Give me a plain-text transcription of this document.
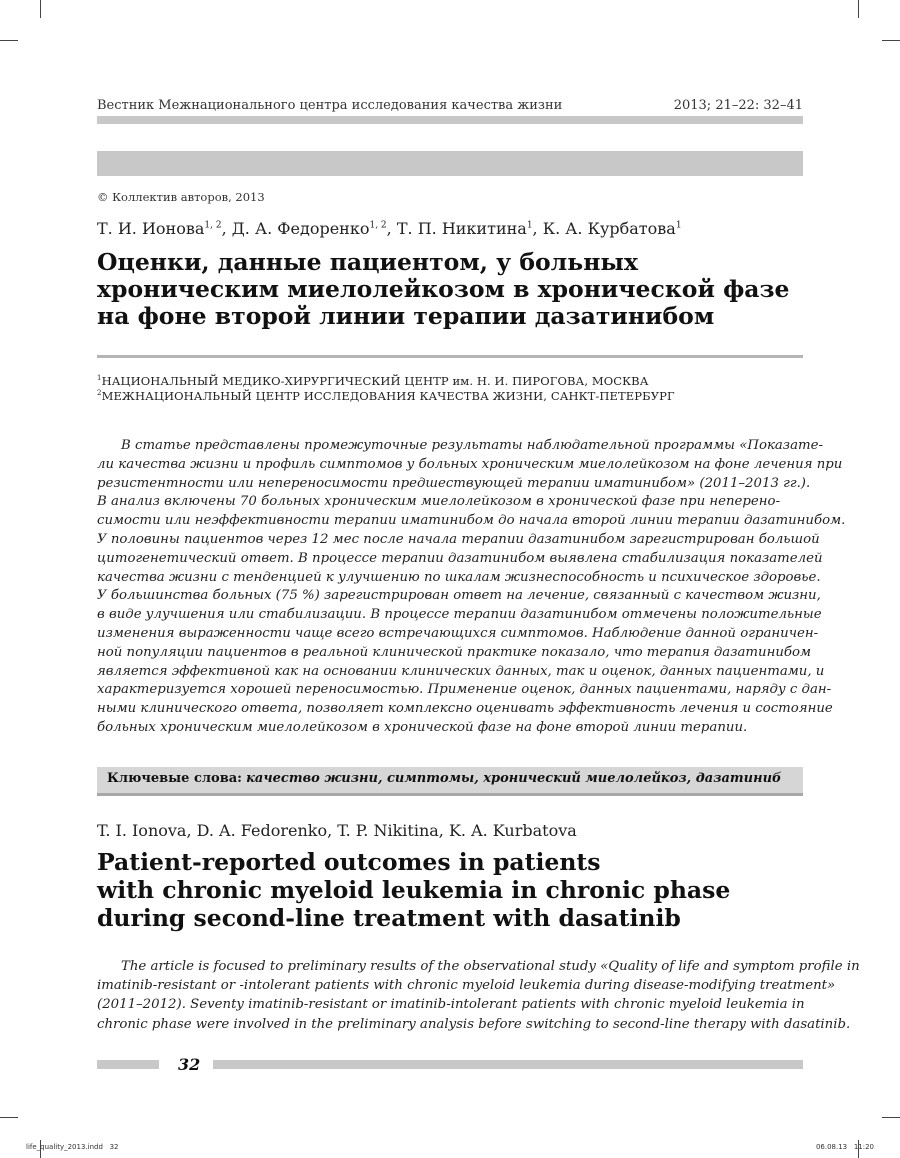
Вестник Межнационального центра исследования качества жизни	2013; 21–22: 32–41
© Коллектив авторов, 2013
Т. И. Ионова$^{1, 2}$, Д. А. Федоренко$^{1, 2}$, Т. П. Никитина$^1$, К. А. Курбатова$^1$
Оценки, данные пациентом, у больных
хроническим миелолейкозом в хронической фазе
на фоне второй линии терапии дазатинибом
$^1$НАЦИОНАЛЬНЫЙ МЕДИКО-ХИРУРГИЧЕСКИЙ ЦЕНТР им. Н. И. ПИРОГОВА, МОСКВА
$^2$МЕЖНАЦИОНАЛЬНЫЙ ЦЕНТР ИССЛЕДОВАНИЯ КАЧЕСТВА ЖИЗНИ, САНКТ-ПЕТЕРБУРГ
В статье представлены промежуточные результаты наблюдательной программы «Показате-
ли качества жизни и профиль симптомов у больных хроническим миелолейкозом на фоне лечения при
резистентности или непереносимости предшествующей терапии иматинибом» (2011–2013 гг.).
В анализ включены 70 больных хроническим миелолейкозом в хронической фазе при неперено-
симости или неэффективности терапии иматинибом до начала второй линии терапии дазатинибом.
У половины пациентов через 12 мес после начала терапии дазатинибом зарегистрирован большой
цитогенетический ответ. В процессе терапии дазатинибом выявлена стабилизация показателей
качества жизни с тенденцией к улучшению по шкалам жизнеспособность и психическое здоровье.
У большинства больных (75 %) зарегистрирован ответ на лечение, связанный с качеством жизни,
в виде улучшения или стабилизации. В процессе терапии дазатинибом отмечены положительные
изменения выраженности чаще всего встречающихся симптомов. Наблюдение данной ограничен-
ной популяции пациентов в реальной клинической практике показало, что терапия дазатинибом
является эффективной как на основании клинических данных, так и оценок, данных пациентами, и
характеризуется хорошей переносимостью. Применение оценок, данных пациентами, наряду с дан-
ными клинического ответа, позволяет комплексно оценивать эффективность лечения и состояние
больных хроническим миелолейкозом в хронической фазе на фоне второй линии терапии.
Ключевые слова: качество жизни, симптомы, хронический миелолейкоз, дазатиниб
T. I. Ionova, D. A. Fedorenko, T. P. Nikitina, K. A. Kurbatova
Patient-reported outcomes in patients
with chronic myeloid leukemia in chronic phase
during second-line treatment with dasatinib
The article is focused to preliminary results of the observational study «Quality of life and symptom profile in
imatinib-resistant or -intolerant patients with chronic myeloid leukemia during disease-modifying treatment»
(2011–2012). Seventy imatinib-resistant or imatinib-intolerant patients with chronic myeloid leukemia in
chronic phase were involved in the preliminary analysis before switching to second-line therapy with dasatinib.
32
life_quality_2013.indd   32	06.08.13   11:20
